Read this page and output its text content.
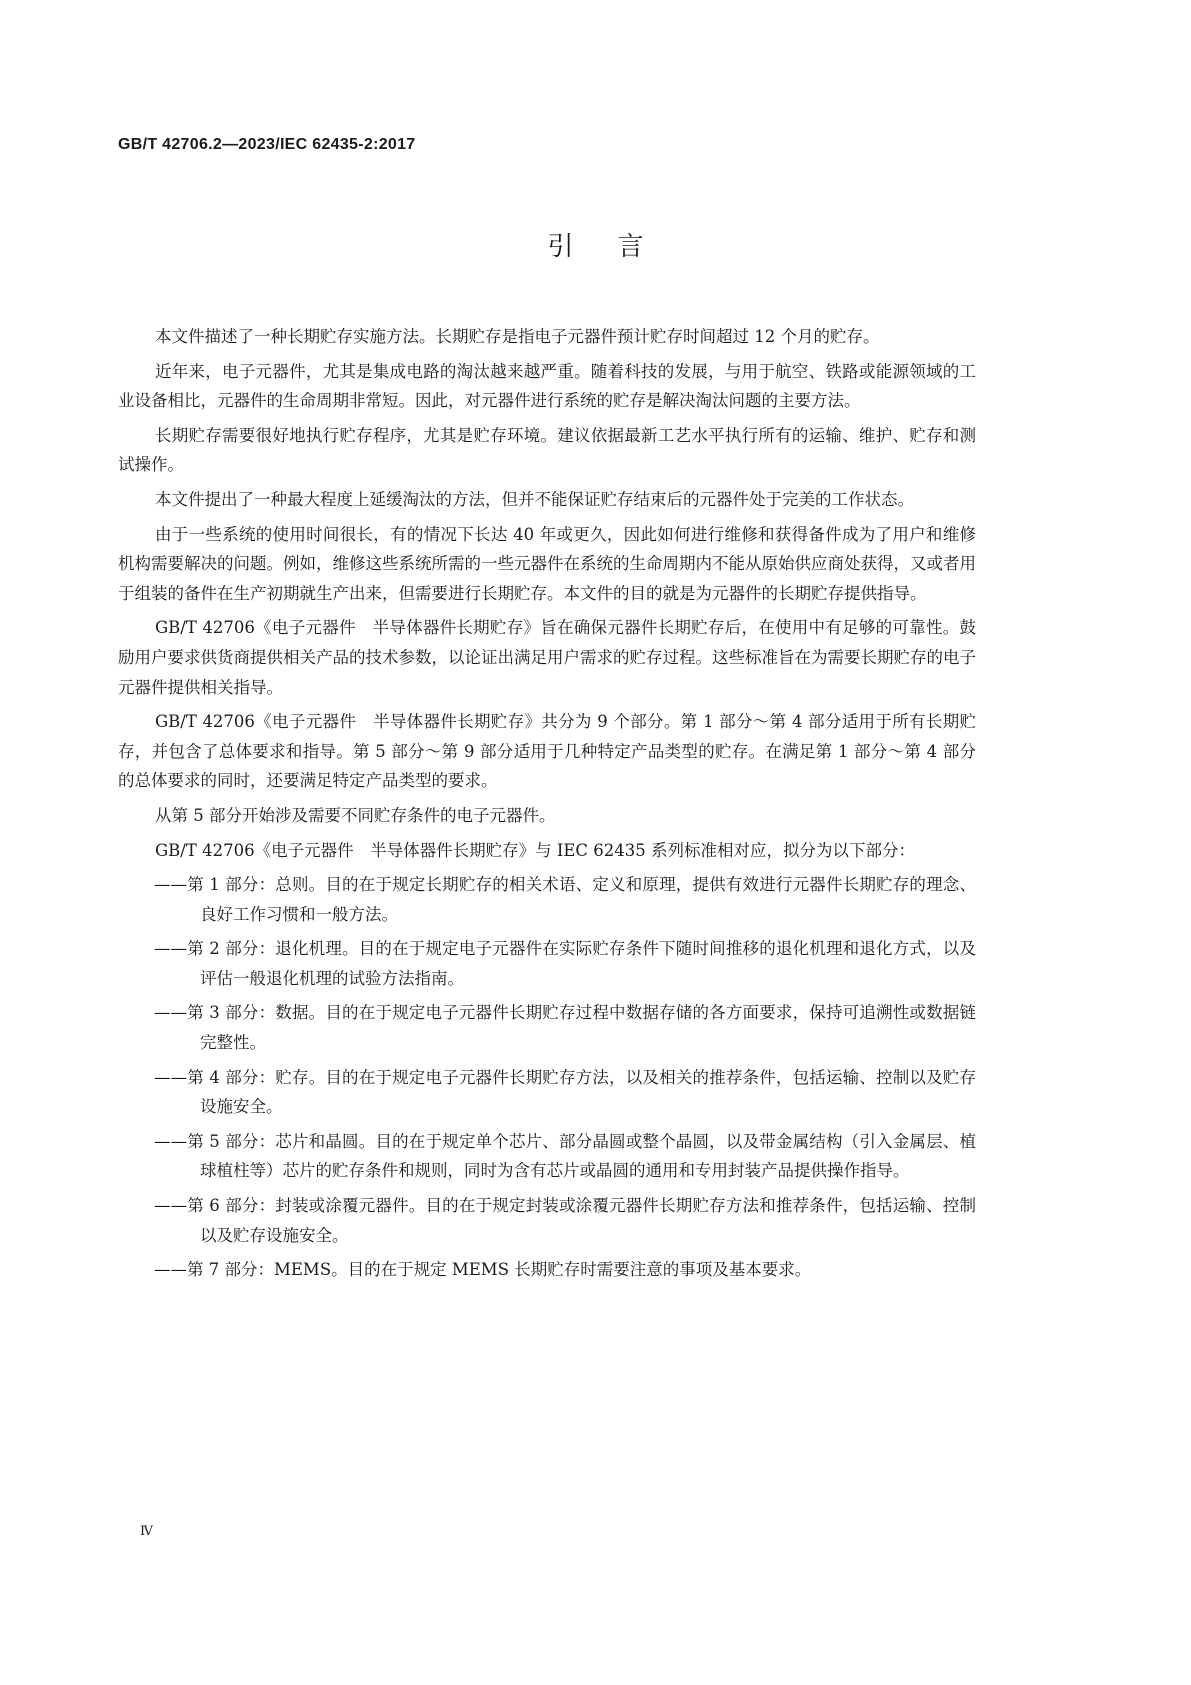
GB/T 42706.2—2023/IEC 62435-2:2017
引言

本文件描述了一种长期贮存实施方法。长期贮存是指电子元器件预计贮存时间超过 12 个月的贮存。

近年来，电子元器件，尤其是集成电路的淘汰越来越严重。随着科技的发展，与用于航空、铁路或能源领域的工业设备相比，元器件的生命周期非常短。因此，对元器件进行系统的贮存是解决淘汰问题的主要方法。

长期贮存需要很好地执行贮存程序，尤其是贮存环境。建议依据最新工艺水平执行所有的运输、维护、贮存和测试操作。

本文件提出了一种最大程度上延缓淘汰的方法，但并不能保证贮存结束后的元器件处于完美的工作状态。

由于一些系统的使用时间很长，有的情况下长达 40 年或更久，因此如何进行维修和获得备件成为了用户和维修机构需要解决的问题。例如，维修这些系统所需的一些元器件在系统的生命周期内不能从原始供应商处获得，又或者用于组装的备件在生产初期就生产出来，但需要进行长期贮存。本文件的目的就是为元器件的长期贮存提供指导。

GB/T 42706《电子元器件　半导体器件长期贮存》旨在确保元器件长期贮存后，在使用中有足够的可靠性。鼓励用户要求供货商提供相关产品的技术参数，以论证出满足用户需求的贮存过程。这些标准旨在为需要长期贮存的电子元器件提供相关指导。

GB/T 42706《电子元器件　半导体器件长期贮存》共分为 9 个部分。第 1 部分～第 4 部分适用于所有长期贮存，并包含了总体要求和指导。第 5 部分～第 9 部分适用于几种特定产品类型的贮存。在满足第 1 部分～第 4 部分的总体要求的同时，还要满足特定产品类型的要求。

从第 5 部分开始涉及需要不同贮存条件的电子元器件。

GB/T 42706《电子元器件　半导体器件长期贮存》与 IEC 62435 系列标准相对应，拟分为以下部分：

——第 1 部分：总则。目的在于规定长期贮存的相关术语、定义和原理，提供有效进行元器件长期贮存的理念、良好工作习惯和一般方法。
——第 2 部分：退化机理。目的在于规定电子元器件在实际贮存条件下随时间推移的退化机理和退化方式，以及评估一般退化机理的试验方法指南。
——第 3 部分：数据。目的在于规定电子元器件长期贮存过程中数据存储的各方面要求，保持可追溯性或数据链完整性。
——第 4 部分：贮存。目的在于规定电子元器件长期贮存方法，以及相关的推荐条件，包括运输、控制以及贮存设施安全。
——第 5 部分：芯片和晶圆。目的在于规定单个芯片、部分晶圆或整个晶圆，以及带金属结构（引入金属层、植球植柱等）芯片的贮存条件和规则，同时为含有芯片或晶圆的通用和专用封装产品提供操作指导。
——第 6 部分：封装或涂覆元器件。目的在于规定封装或涂覆元器件长期贮存方法和推荐条件，包括运输、控制以及贮存设施安全。
——第 7 部分：MEMS。目的在于规定 MEMS 长期贮存时需要注意的事项及基本要求。
Ⅳ
